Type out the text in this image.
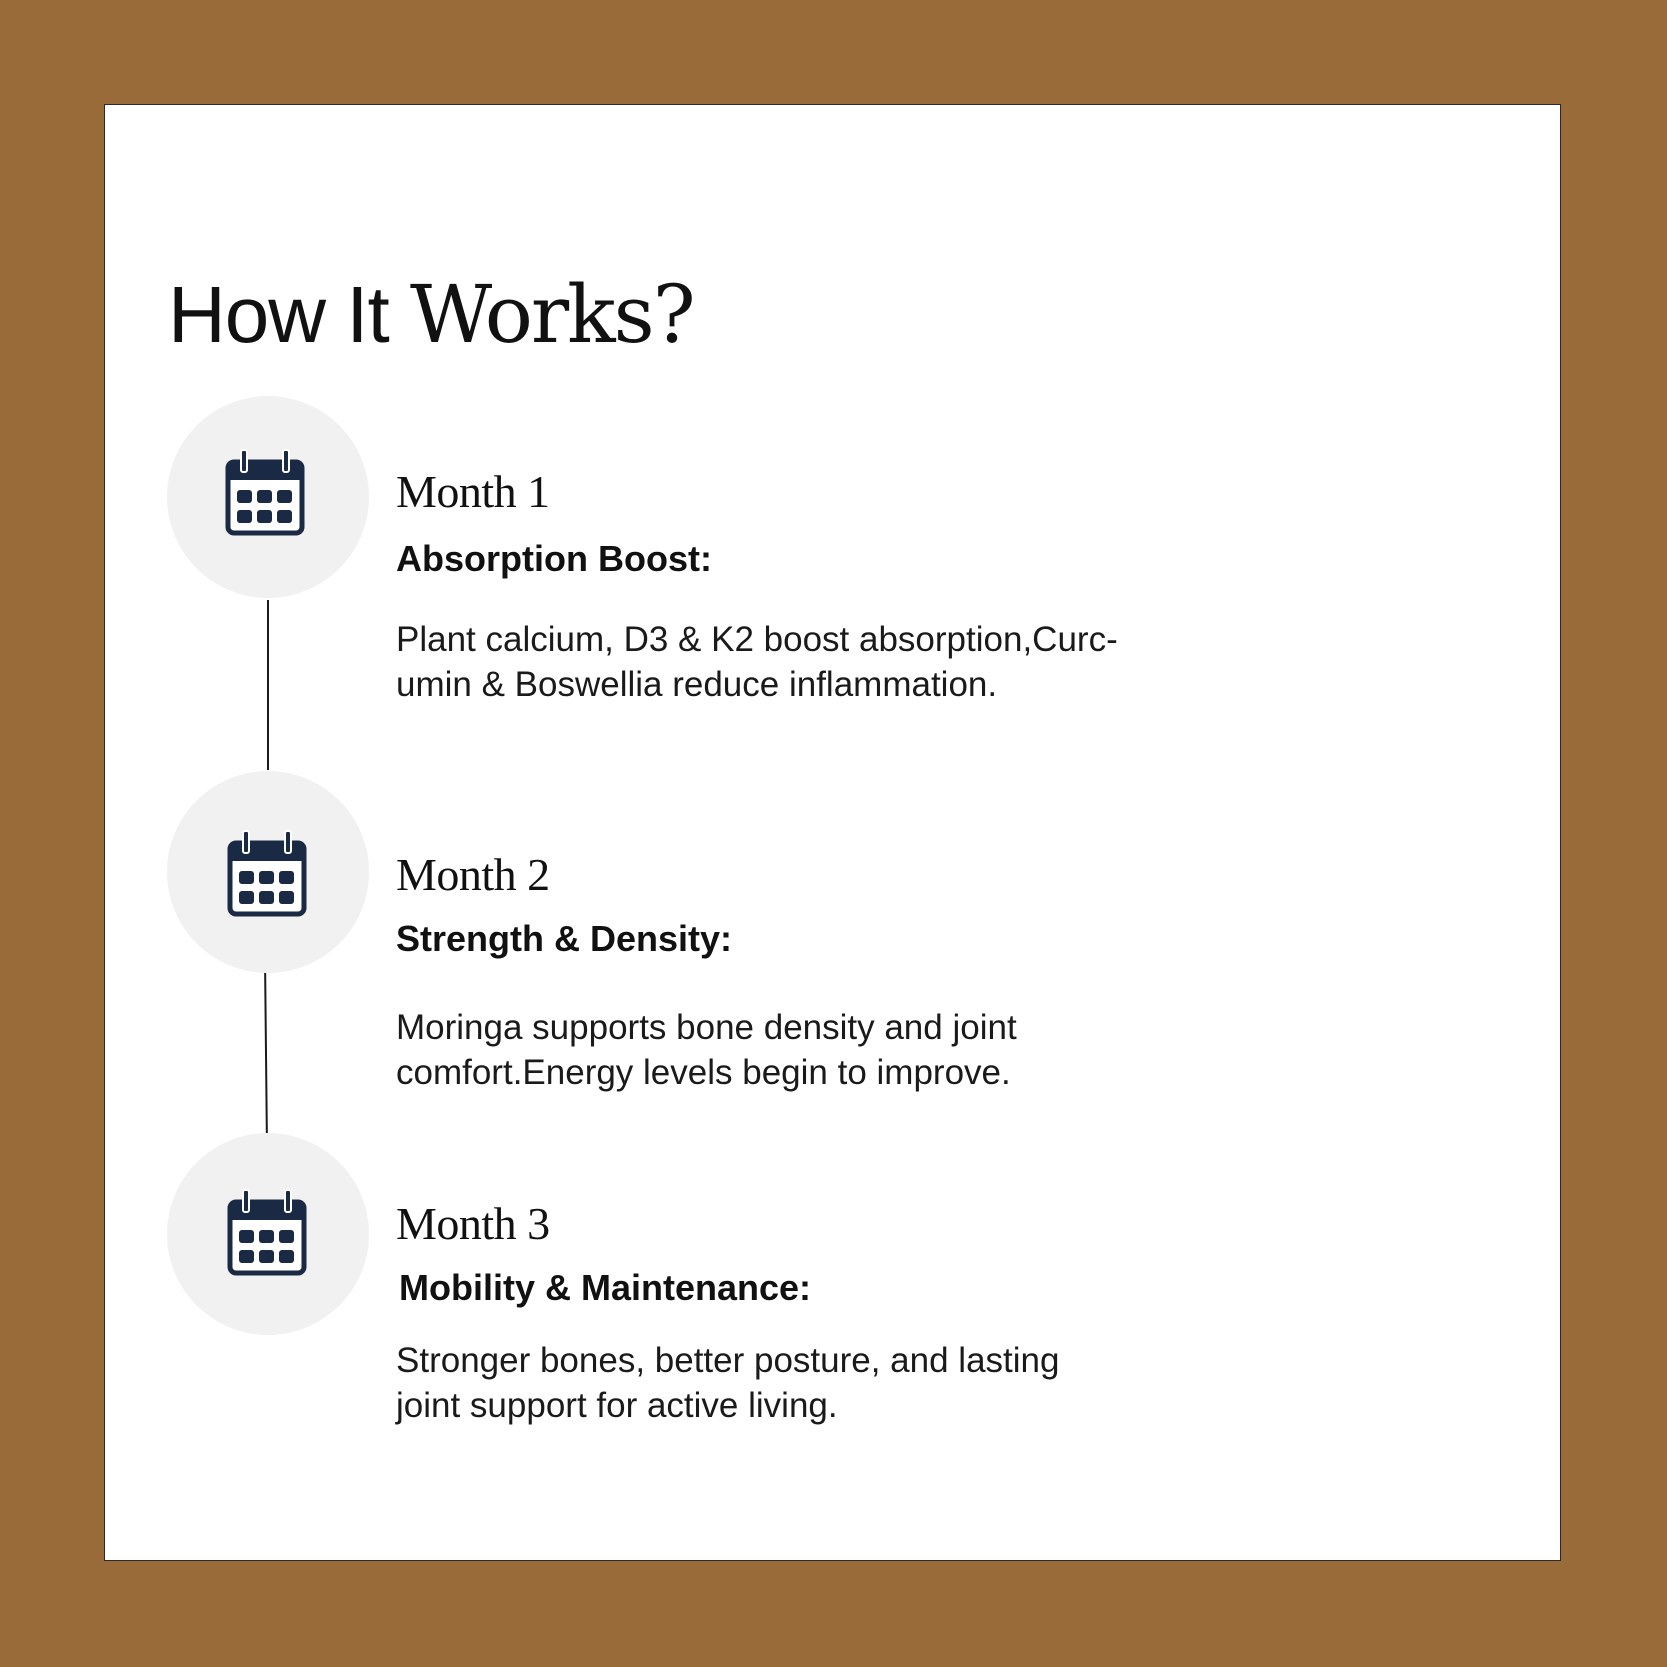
How It Works?
Month 1
Absorption Boost:

Plant calcium, D3 & K2 boost absorption,Curc-
umin & Boswellia reduce inflammation.

Month 2
Strength & Density:

Moringa supports bone density and joint
comfort.Energy levels begin to improve.

Month 3
Mobility & Maintenance:

Stronger bones, better posture, and lasting
joint support for active living.
